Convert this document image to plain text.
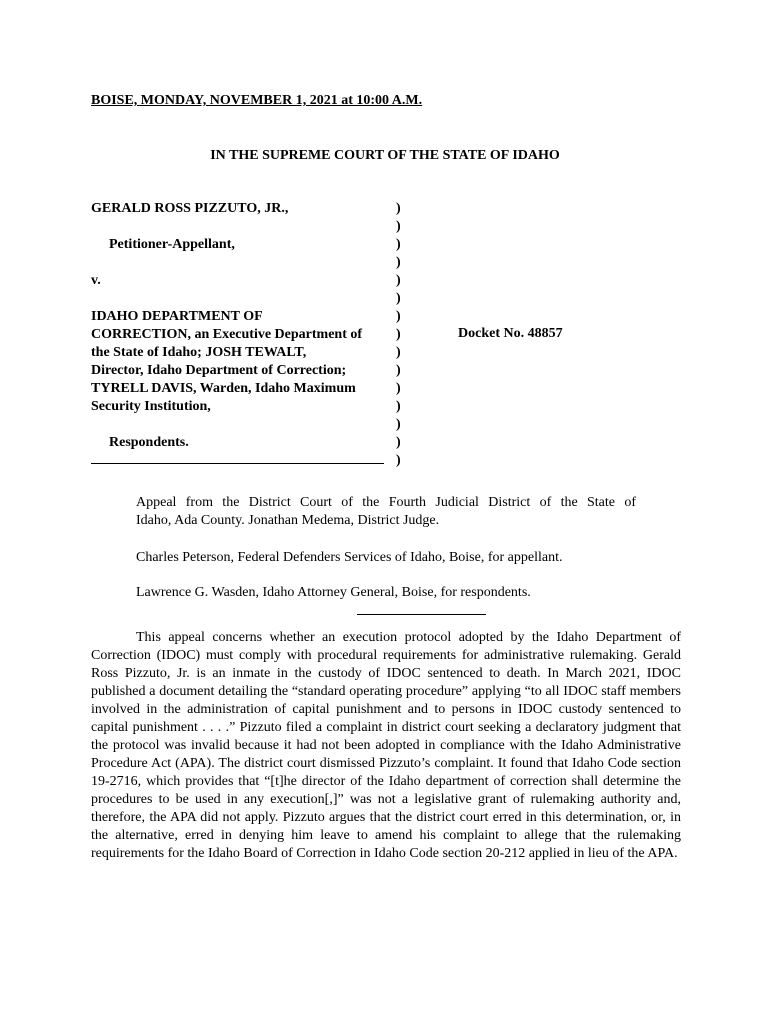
BOISE, MONDAY, NOVEMBER 1, 2021 at 10:00 A.M.
IN THE SUPREME COURT OF THE STATE OF IDAHO
GERALD ROSS PIZZUTO, JR.,
Petitioner-Appellant,
v.
IDAHO DEPARTMENT OF
CORRECTION, an Executive Department of
the State of Idaho; JOSH TEWALT,
Director, Idaho Department of Correction;
TYRELL DAVIS, Warden, Idaho Maximum
Security Institution,
Respondents.
)
)
)
)
)
)
)
)
)
)
)
)
)
)
)
Docket No. 48857
Appeal from the District Court of the Fourth Judicial District of the State of
Idaho, Ada County. Jonathan Medema, District Judge.
Charles Peterson, Federal Defenders Services of Idaho, Boise, for appellant.
Lawrence G. Wasden, Idaho Attorney General, Boise, for respondents.
This appeal concerns whether an execution protocol adopted by the Idaho Department of Correction (IDOC) must comply with procedural requirements for administrative rulemaking. Gerald Ross Pizzuto, Jr. is an inmate in the custody of IDOC sentenced to death. In March 2021, IDOC published a document detailing the “standard operating procedure” applying “to all IDOC staff members involved in the administration of capital punishment and to persons in IDOC custody sentenced to capital punishment . . . .” Pizzuto filed a complaint in district court seeking a declaratory judgment that the protocol was invalid because it had not been adopted in compliance with the Idaho Administrative Procedure Act (APA). The district court dismissed Pizzuto’s complaint. It found that Idaho Code section 19-2716, which provides that “[t]he director of the Idaho department of correction shall determine the procedures to be used in any execution[,]” was not a legislative grant of rulemaking authority and, therefore, the APA did not apply. Pizzuto argues that the district court erred in this determination, or, in the alternative, erred in denying him leave to amend his complaint to allege that the rulemaking requirements for the Idaho Board of Correction in Idaho Code section 20-212 applied in lieu of the APA.
